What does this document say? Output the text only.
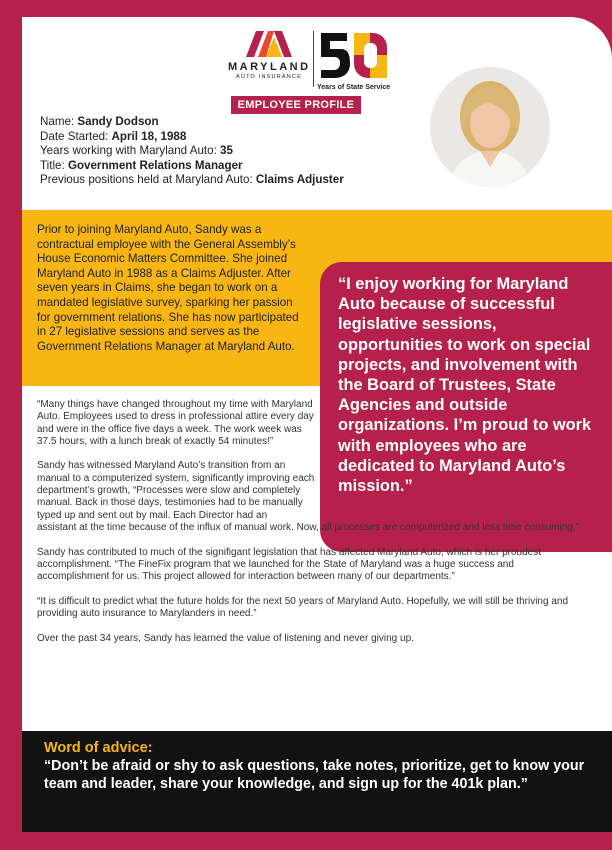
MARYLAND
AUTO INSURANCE
Years of State Service
EMPLOYEE PROFILE
Name: Sandy Dodson
Date Started: April 18, 1988
Years working with Maryland Auto: 35
Title: Government Relations Manager
Previous positions held at Maryland Auto: Claims Adjuster
Prior to joining Maryland Auto, Sandy was a contractual employee with the General Assembly’s House Economic Matters Committee. She joined Maryland Auto in 1988 as a Claims Adjuster. After seven years in Claims, she began to work on a mandated legislative survey, sparking her passion for government relations. She has now participated in 27 legislative sessions and serves as the Government Relations Manager at Maryland Auto.
“I enjoy working for Maryland Auto because of successful legislative sessions, opportunities to work on special projects, and involvement with the Board of Trustees, State Agencies and outside organizations. I’m proud to work with employees who are dedicated to Maryland Auto’s mission.”

“Many things have changed throughout my time with Maryland Auto. Employees used to dress in professional attire every day and were in the office five days a week. The work week was 37.5 hours, with a lunch break of exactly 54 minutes!”

Sandy has witnessed Maryland Auto’s transition from an manual to a computerized system, significantly improving each department’s growth, “Processes were slow and completely manual. Back in those days, testimonies had to be manually typed up and sent out by mail. Each Director had an
assistant at the time because of the influx of manual work. Now, all processes are computerized and less time consuming.”

Sandy has contributed to much of the signifigant legislation that has affected Maryland Auto, which is her proudest accomplishment. “The FineFix program that we launched for the State of Maryland was a huge success and accomplishment for us. This project allowed for interaction between many of our departments.”

“It is difficult to predict what the future holds for the next 50 years of Maryland Auto. Hopefully, we will still be thriving and providing auto insurance to Marylanders in need.”

Over the past 34 years, Sandy has learned the value of listening and never giving up.

Word of advice:
“Don’t be afraid or shy to ask questions, take notes, prioritize, get to know your team and leader, share your knowledge, and sign up for the 401k plan.”
